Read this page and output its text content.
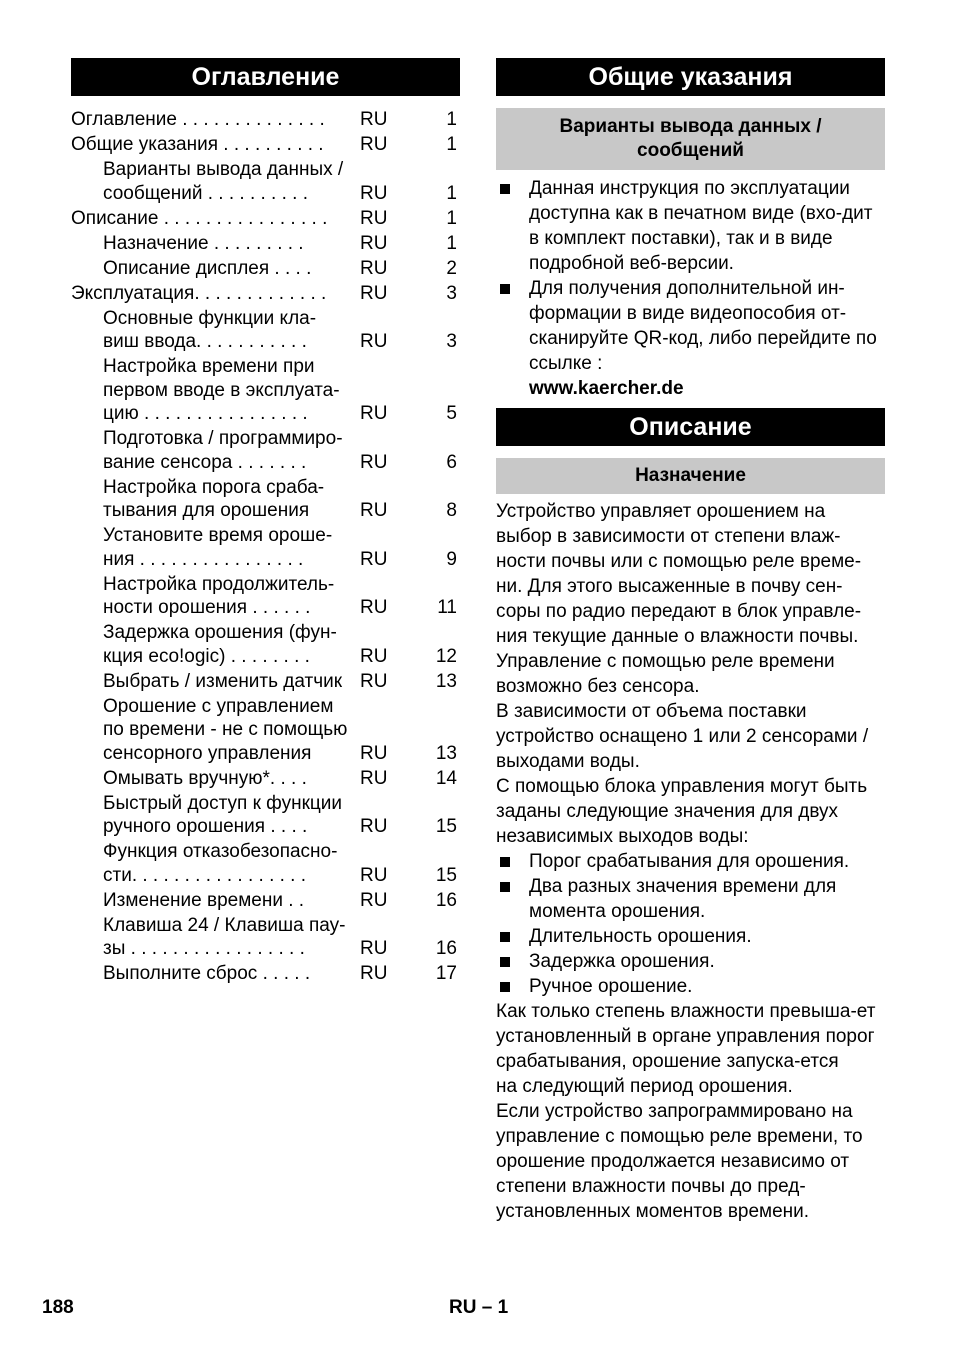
Оглавление
Оглавление . . . . . . . . . . . . . .	RU	1
Общие указания . . . . . . . . . .	RU	1
Варианты вывода данных /
сообщений . . . . . . . . . .	RU	1
Описание . . . . . . . . . . . . . . . .	RU	1
Назначение . . . . . . . . .	RU	1
Описание дисплея . . . .	RU	2
Эксплуатация. . . . . . . . . . . . .	RU	3
Основные функции кла-
виш ввода. . . . . . . . . . .	RU	3
Настройка времени при
первом вводе в эксплуата-
цию . . . . . . . . . . . . . . . .	RU	5
Подготовка / программиро-
вание сенсора . . . . . . .	RU	6
Настройка порога сраба-
тывания для орошения	RU	8
Установите время ороше-
ния . . . . . . . . . . . . . . . .	RU	9
Настройка продолжитель-
ности орошения . . . . . .	RU	11
Задержка орошения (фун-
кция eco!ogic) . . . . . . . .	RU	12
Выбрать / изменить датчик RU	13
Орошение с управлением
по времени - не с помощью
сенсорного управления	RU	13
Омывать вручную*. . . .	RU	14
Быстрый доступ к функции
ручного орошения . . . .	RU	15
Функция отказобезопасно-
сти. . . . . . . . . . . . . . . . .	RU	15
Изменение времени . .	RU	16
Клавиша 24 / Клавиша пау-
зы . . . . . . . . . . . . . . . . .	RU	16
Выполните сброс . . . . .	RU	17
Общие указания
Варианты вывода данных /
сообщений
Данная инструкция по эксплуатации доступна как в печатном виде (вхо-дит в комплект поставки), так и в виде подробной веб-версии.
Для получения дополнительной ин-формации в виде видеопособия от-сканируйте QR-код, либо перейдите по ссылке :
www.kaercher.de
Описание
Назначение
Устройство управляет орошением на выбор в зависимости от степени влаж-ности почвы или с помощью реле време-ни. Для этого высаженные в почву сен-соры по радио передают в блок управле-ния текущие данные о влажности почвы. Управление с помощью реле времени возможно без сенсора.
В зависимости от объема поставки устройство оснащено 1 или 2 сенсорами / выходами воды.
С помощью блока управления могут быть заданы следующие значения для двух независимых выходов воды:
Порог срабатывания для орошения.
Два разных значения времени для момента орошения.
Длительность орошения.
Задержка орошения.
Ручное орошение.
Как только степень влажности превыша-ет установленный в органе управления порог срабатывания, орошение запуска-ется
на следующий период орошения.
Если устройство запрограммировано на управление с помощью реле времени, то орошение продолжается независимо от степени влажности почвы до пред-установленных моментов времени.
188	RU – 1
